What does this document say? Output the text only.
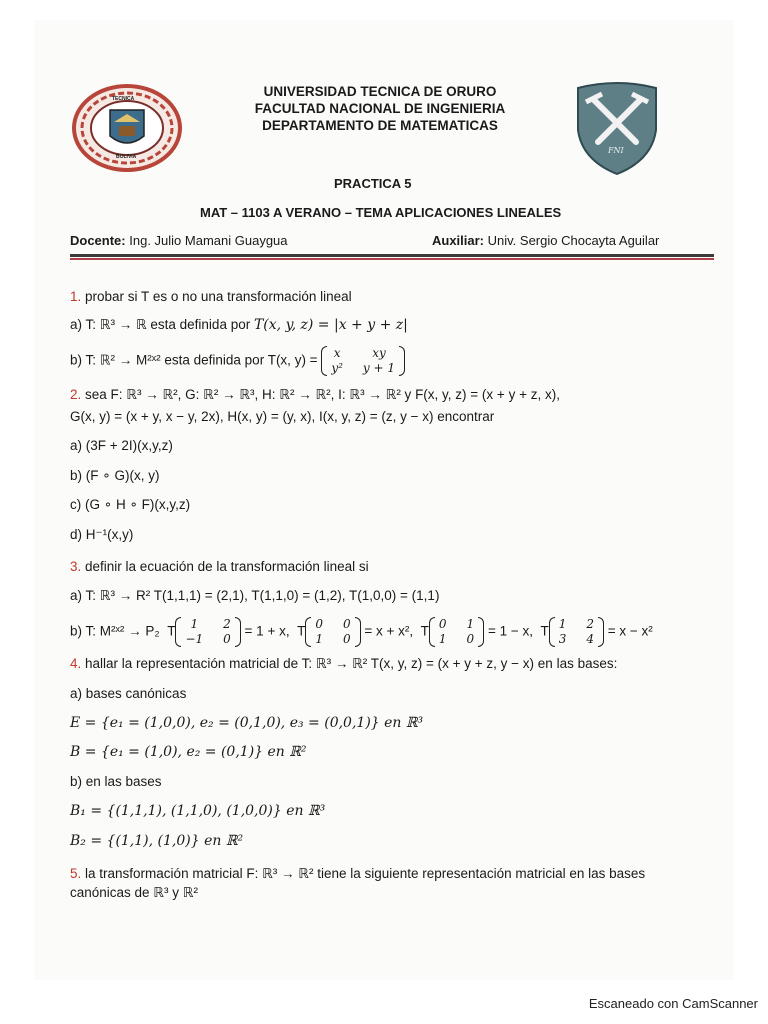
TECNICA
BOLIVIA
FNI
UNIVERSIDAD TECNICA DE ORURO
FACULTAD NACIONAL DE INGENIERIA
DEPARTAMENTO DE MATEMATICAS
PRACTICA 5
MAT – 1103 A VERANO – TEMA APLICACIONES LINEALES
Docente: Ing. Julio Mamani Guaygua	Auxiliar: Univ. Sergio Chocayta Aguilar
1. probar si T es o no una transformación lineal
a) T: ℝ³ → ℝ esta definida por T(x, y, z) = |x + y + z|
b) T: ℝ² → M²ˣ² esta definida por T(x, y) = x	xy
y²	y + 1
2. sea F: ℝ³ → ℝ², G: ℝ² → ℝ³, H: ℝ² → ℝ², I: ℝ³ → ℝ² y F(x, y, z) = (x + y + z, x),
G(x, y) = (x + y, x − y, 2x), H(x, y) = (y, x), I(x, y, z) = (z, y − x) encontrar
a) (3F + 2I)(x,y,z)
b) (F ∘ G)(x, y)
c) (G ∘ H ∘ F)(x,y,z)
d) H⁻¹(x,y)
3. definir la ecuación de la transformación lineal si
a) T: ℝ³ → R² T(1,1,1) = (2,1), T(1,1,0) = (1,2), T(1,0,0) = (1,1)
b) T: M²ˣ² → P₂  T 1	2
−1	0
= 1 + x,  T 0	0
1	0
= x + x²,  T 0	1
1	0
= 1 − x,  T 1	2
3	4
= x − x²
4. hallar la representación matricial de T: ℝ³ → ℝ² T(x, y, z) = (x + y + z, y − x) en las bases:
a) bases canónicas
E = {e₁ = (1,0,0), e₂ = (0,1,0), e₃ = (0,0,1)} en ℝ³
B = {e₁ = (1,0), e₂ = (0,1)} en ℝ²
b) en las bases
B₁ = {(1,1,1), (1,1,0), (1,0,0)} en ℝ³
B₂ = {(1,1), (1,0)} en ℝ²
5. la transformación matricial F: ℝ³ → ℝ² tiene la siguiente representación matricial en las bases
canónicas de ℝ³ y ℝ²
Escaneado con CamScanner
